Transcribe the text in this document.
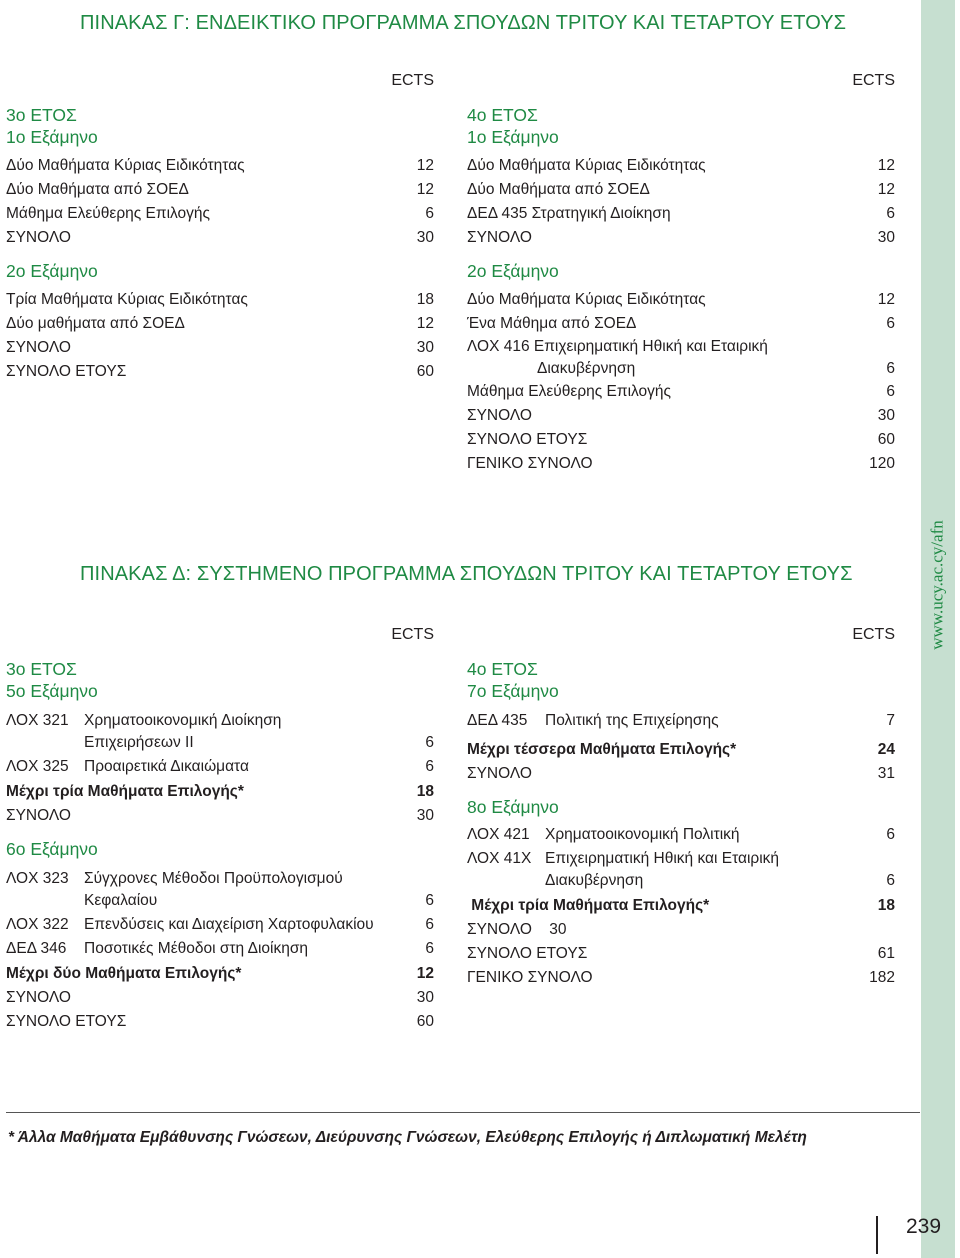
www.ucy.ac.cy/afn
ΠΙΝΑΚΑΣ Γ: ΕΝΔΕΙΚΤΙΚΟ ΠΡΟΓΡΑΜΜΑ ΣΠΟΥΔΩΝ ΤΡΙΤΟΥ ΚΑΙ ΤΕΤΑΡΤΟΥ ΕΤΟΥΣ
ECTS
3ο ΕΤΟΣ
1ο Εξάμηνο
Δύο Μαθήματα Κύριας Ειδικότητας	12
Δύο Μαθήματα από ΣΟΕΔ	12
Μάθημα Ελεύθερης Επιλογής	6
ΣΥΝΟΛΟ	30
2ο Εξάμηνο
Τρία Μαθήματα Κύριας Ειδικότητας	18
Δύο μαθήματα από ΣΟΕΔ	12
ΣΥΝΟΛΟ	30
ΣΥΝΟΛΟ ΕΤΟΥΣ	60
ECTS
4ο ΕΤΟΣ
1ο Εξάμηνο
Δύο Μαθήματα Κύριας Ειδικότητας	12
Δύο Μαθήματα από ΣΟΕΔ	12
ΔΕΔ 435 Στρατηγική Διοίκηση	6
ΣΥΝΟΛΟ	30
2ο Εξάμηνο
Δύο Μαθήματα Κύριας Ειδικότητας	12
Ένα Μάθημα από ΣΟΕΔ	6
ΛΟΧ 416 Επιχειρηματική Ηθική και Εταιρική
Διακυβέρνηση	6
Μάθημα Ελεύθερης Επιλογής	6
ΣΥΝΟΛΟ	30
ΣΥΝΟΛΟ ΕΤΟΥΣ	60
ΓΕΝΙΚΟ ΣΥΝΟΛΟ	120
ΠΙΝΑΚΑΣ Δ: ΣΥΣΤΗΜΕΝΟ ΠΡΟΓΡΑΜΜΑ ΣΠΟΥΔΩΝ ΤΡΙΤΟΥ ΚΑΙ ΤΕΤΑΡΤΟΥ ΕΤΟΥΣ
ECTS
3ο ΕΤΟΣ
5ο Εξάμηνο
ΛΟΧ 321 Χρηματοοικονομική Διοίκηση
Επιχειρήσεων ΙΙ	6
ΛΟΧ 325 Προαιρετικά Δικαιώματα	6
Μέχρι τρία Μαθήματα Επιλογής*	18
ΣΥΝΟΛΟ	30
6ο Εξάμηνο
ΛΟΧ 323 Σύγχρονες Μέθοδοι Προϋπολογισμού
Κεφαλαίου	6
ΛΟΧ 322 Επενδύσεις και Διαχείριση Χαρτοφυλακίου	6
ΔΕΔ 346 Ποσοτικές Μέθοδοι στη Διοίκηση	6
Μέχρι δύο Μαθήματα Επιλογής*	12
ΣΥΝΟΛΟ	30
ΣΥΝΟΛΟ ΕΤΟΥΣ	60
ECTS
4ο ΕΤΟΣ
7ο Εξάμηνο
ΔΕΔ 435 Πολιτική της Επιχείρησης	7
Μέχρι τέσσερα Μαθήματα Επιλογής*	24
ΣΥΝΟΛΟ	31
8ο Εξάμηνο
ΛΟΧ 421 Χρηματοοικονομική Πολιτική	6
ΛΟΧ 41Χ Επιχειρηματική Ηθική και Εταιρική
Διακυβέρνηση	6
Μέχρι τρία Μαθήματα Επιλογής*	18
ΣΥΝΟΛΟ    30
ΣΥΝΟΛΟ ΕΤΟΥΣ	61
ΓΕΝΙΚΟ ΣΥΝΟΛΟ	182
* Άλλα Μαθήματα Εμβάθυνσης Γνώσεων, Διεύρυνσης Γνώσεων, Ελεύθερης Επιλογής ή Διπλωματική Μελέτη
239
